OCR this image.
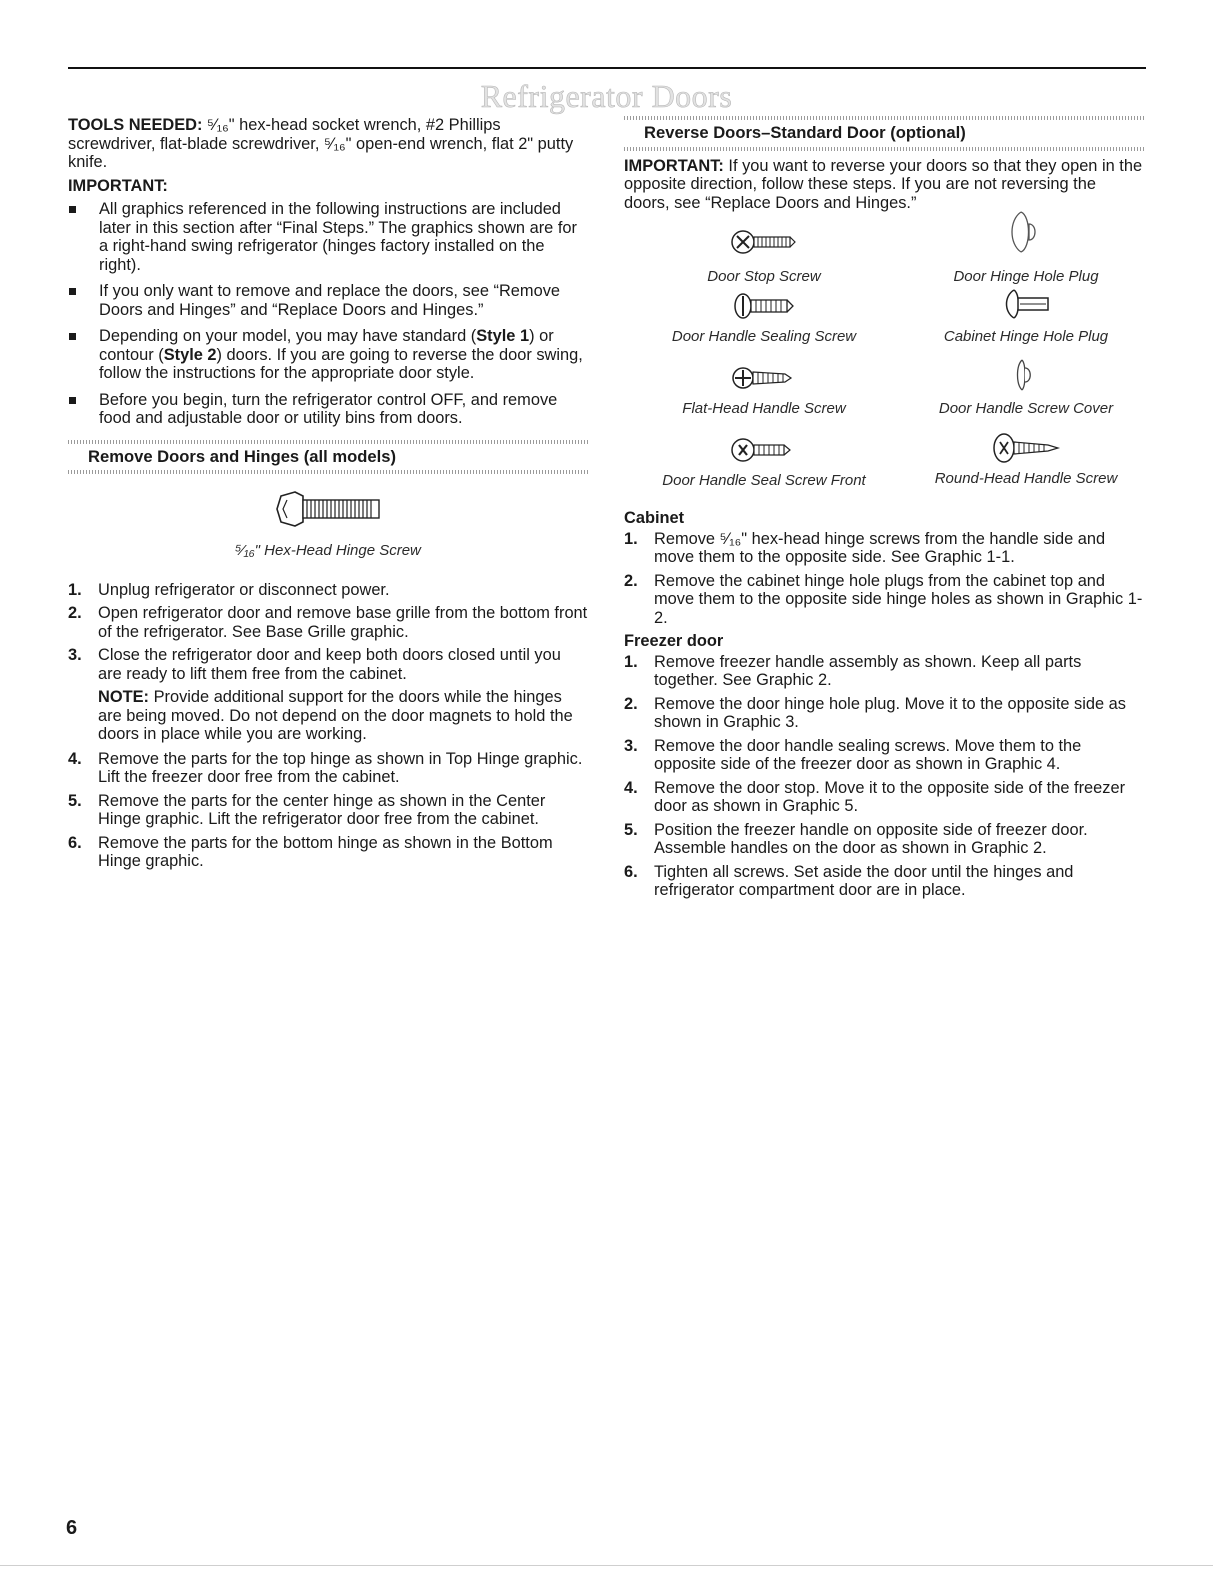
Refrigerator Doors

TOOLS NEEDED: ⁵⁄₁₆" hex-head socket wrench, #2 Phillips screwdriver, flat-blade screwdriver, ⁵⁄₁₆" open-end wrench, flat 2" putty knife.

IMPORTANT:

All graphics referenced in the following instructions are included later in this section after “Final Steps.” The graphics shown are for a right-hand swing refrigerator (hinges factory installed on the right).
If you only want to remove and replace the doors, see “Remove Doors and Hinges” and “Replace Doors and Hinges.”
Depending on your model, you may have standard (Style 1) or contour (Style 2) doors. If you are going to reverse the door swing, follow the instructions for the appropriate door style.
Before you begin, turn the refrigerator control OFF, and remove food and adjustable door or utility bins from doors.
Remove Doors and Hinges (all models)
⁵⁄₁₆" Hex-Head Hinge Screw
1. Unplug refrigerator or disconnect power.
2. Open refrigerator door and remove base grille from the bottom front of the refrigerator. See Base Grille graphic.
3. Close the refrigerator door and keep both doors closed until you are ready to lift them free from the cabinet.

NOTE: Provide additional support for the doors while the hinges are being moved. Do not depend on the door magnets to hold the doors in place while you are working.

4. Remove the parts for the top hinge as shown in Top Hinge graphic. Lift the freezer door free from the cabinet.
5. Remove the parts for the center hinge as shown in the Center Hinge graphic. Lift the refrigerator door free from the cabinet.
6. Remove the parts for the bottom hinge as shown in the Bottom Hinge graphic.
Reverse Doors–Standard Door (optional)

IMPORTANT: If you want to reverse your doors so that they open in the opposite direction, follow these steps. If you are not reversing the doors, see “Replace Doors and Hinges.”

Door Stop Screw	Door Hinge Hole Plug
Door Handle Sealing Screw	Cabinet Hinge Hole Plug
Flat-Head Handle Screw	Door Handle Screw Cover
Door Handle Seal Screw Front	Round-Head Handle Screw

Cabinet

1. Remove ⁵⁄₁₆" hex-head hinge screws from the handle side and move them to the opposite side. See Graphic 1-1.
2. Remove the cabinet hinge hole plugs from the cabinet top and move them to the opposite side hinge holes as shown in Graphic 1-2.

Freezer door

1. Remove freezer handle assembly as shown. Keep all parts together. See Graphic 2.
2. Remove the door hinge hole plug. Move it to the opposite side as shown in Graphic 3.
3. Remove the door handle sealing screws. Move them to the opposite side of the freezer door as shown in Graphic 4.
4. Remove the door stop. Move it to the opposite side of the freezer door as shown in Graphic 5.
5. Position the freezer handle on opposite side of freezer door. Assemble handles on the door as shown in Graphic 2.
6. Tighten all screws. Set aside the door until the hinges and refrigerator compartment door are in place.
6
